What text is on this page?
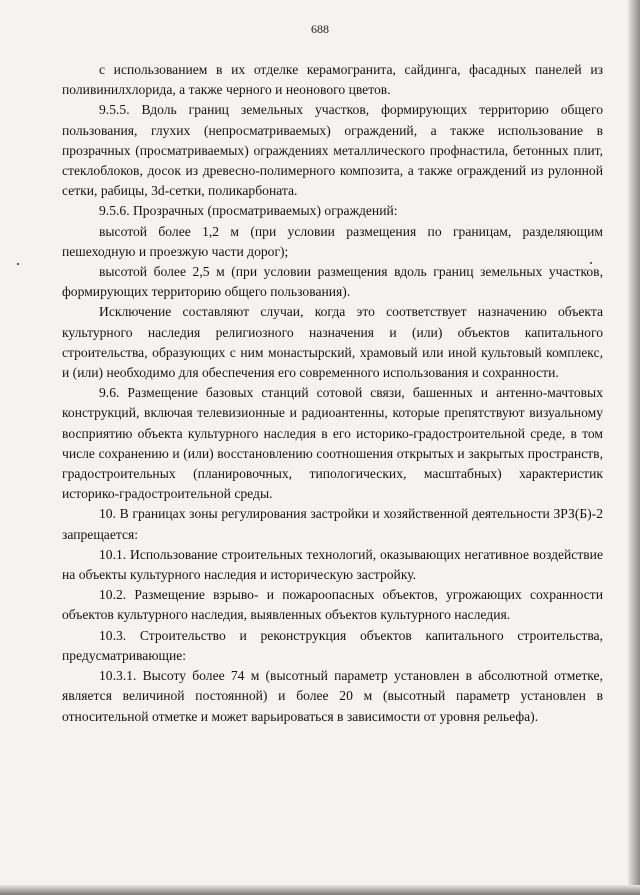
688

с использованием в их отделке керамогранита, сайдинга, фасадных панелей из поливинилхлорида, а также черного и неонового цветов.

9.5.5. Вдоль границ земельных участков, формирующих территорию общего пользования, глухих (непросматриваемых) ограждений, а также использование в прозрачных (просматриваемых) ограждениях металлического профнастила, бетонных плит, стеклоблоков, досок из древесно-полимерного композита, а также ограждений из рулонной сетки, рабицы, 3d-сетки, поликарбоната.

9.5.6. Прозрачных (просматриваемых) ограждений:

высотой более 1,2 м (при условии размещения по границам, разделяющим пешеходную и проезжую части дорог);

высотой более 2,5 м (при условии размещения вдоль границ земельных участков, формирующих территорию общего пользования).

Исключение составляют случаи, когда это соответствует назначению объекта культурного наследия религиозного назначения и (или) объектов капитального строительства, образующих с ним монастырский, храмовый или иной культовый комплекс, и (или) необходимо для обеспечения его современного использования и сохранности.

9.6. Размещение базовых станций сотовой связи, башенных и антенно-мачтовых конструкций, включая телевизионные и радиоантенны, которые препятствуют визуальному восприятию объекта культурного наследия в его историко-градостроительной среде, в том числе сохранению и (или) восстановлению соотношения открытых и закрытых пространств, градостроительных (планировочных, типологических, масштабных) характеристик историко-градостроительной среды.

10. В границах зоны регулирования застройки и хозяйственной деятельности ЗРЗ(Б)-2 запрещается:

10.1. Использование строительных технологий, оказывающих негативное воздействие на объекты культурного наследия и историческую застройку.

10.2. Размещение взрыво- и пожароопасных объектов, угрожающих сохранности объектов культурного наследия, выявленных объектов культурного наследия.

10.3. Строительство и реконструкция объектов капитального строительства, предусматривающие:

10.3.1. Высоту более 74 м (высотный параметр установлен в абсолютной отметке, является величиной постоянной) и более 20 м (высотный параметр установлен в относительной отметке и может варьироваться в зависимости от уровня рельефа).
